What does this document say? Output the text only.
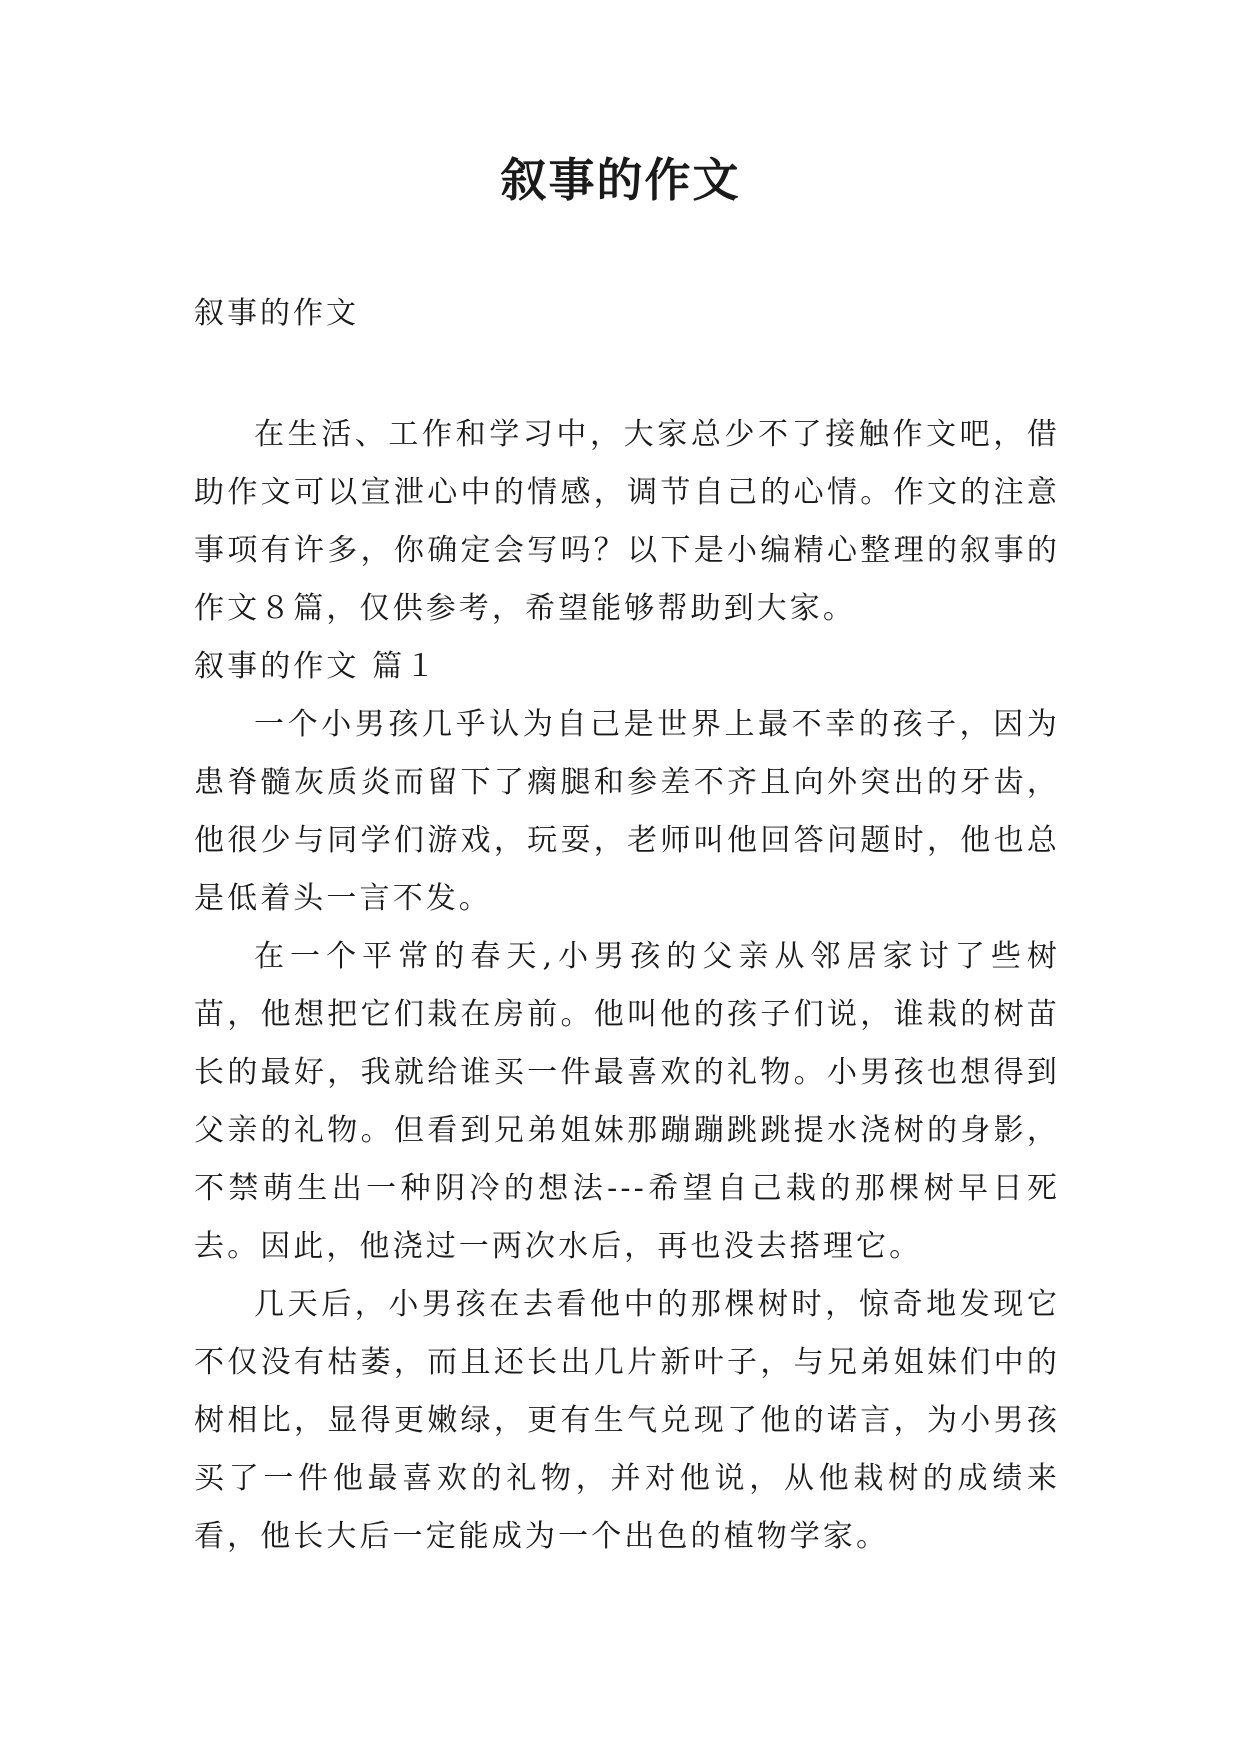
叙事的作文

叙事的作文

在生活、工作和学习中，大家总少不了接触作文吧，借助作文可以宣泄心中的情感，调节自己的心情。作文的注意事项有许多，你确定会写吗？以下是小编精心整理的叙事的作文８篇，仅供参考，希望能够帮助到大家。

叙事的作文 篇１

一个小男孩几乎认为自己是世界上最不幸的孩子，因为患脊髓灰质炎而留下了瘸腿和参差不齐且向外突出的牙齿，他很少与同学们游戏，玩耍，老师叫他回答问题时，他也总是低着头一言不发。

在一个平常的春天,小男孩的父亲从邻居家讨了些树苗，他想把它们栽在房前。他叫他的孩子们说，谁栽的树苗长的最好，我就给谁买一件最喜欢的礼物。小男孩也想得到父亲的礼物。但看到兄弟姐妹那蹦蹦跳跳提水浇树的身影，不禁萌生出一种阴冷的想法---希望自己栽的那棵树早日死去。因此，他浇过一两次水后，再也没去搭理它。

几天后，小男孩在去看他中的那棵树时，惊奇地发现它不仅没有枯萎，而且还长出几片新叶子，与兄弟姐妹们中的树相比，显得更嫩绿，更有生气兑现了他的诺言，为小男孩买了一件他最喜欢的礼物，并对他说，从他栽树的成绩来看，他长大后一定能成为一个出色的植物学家。
